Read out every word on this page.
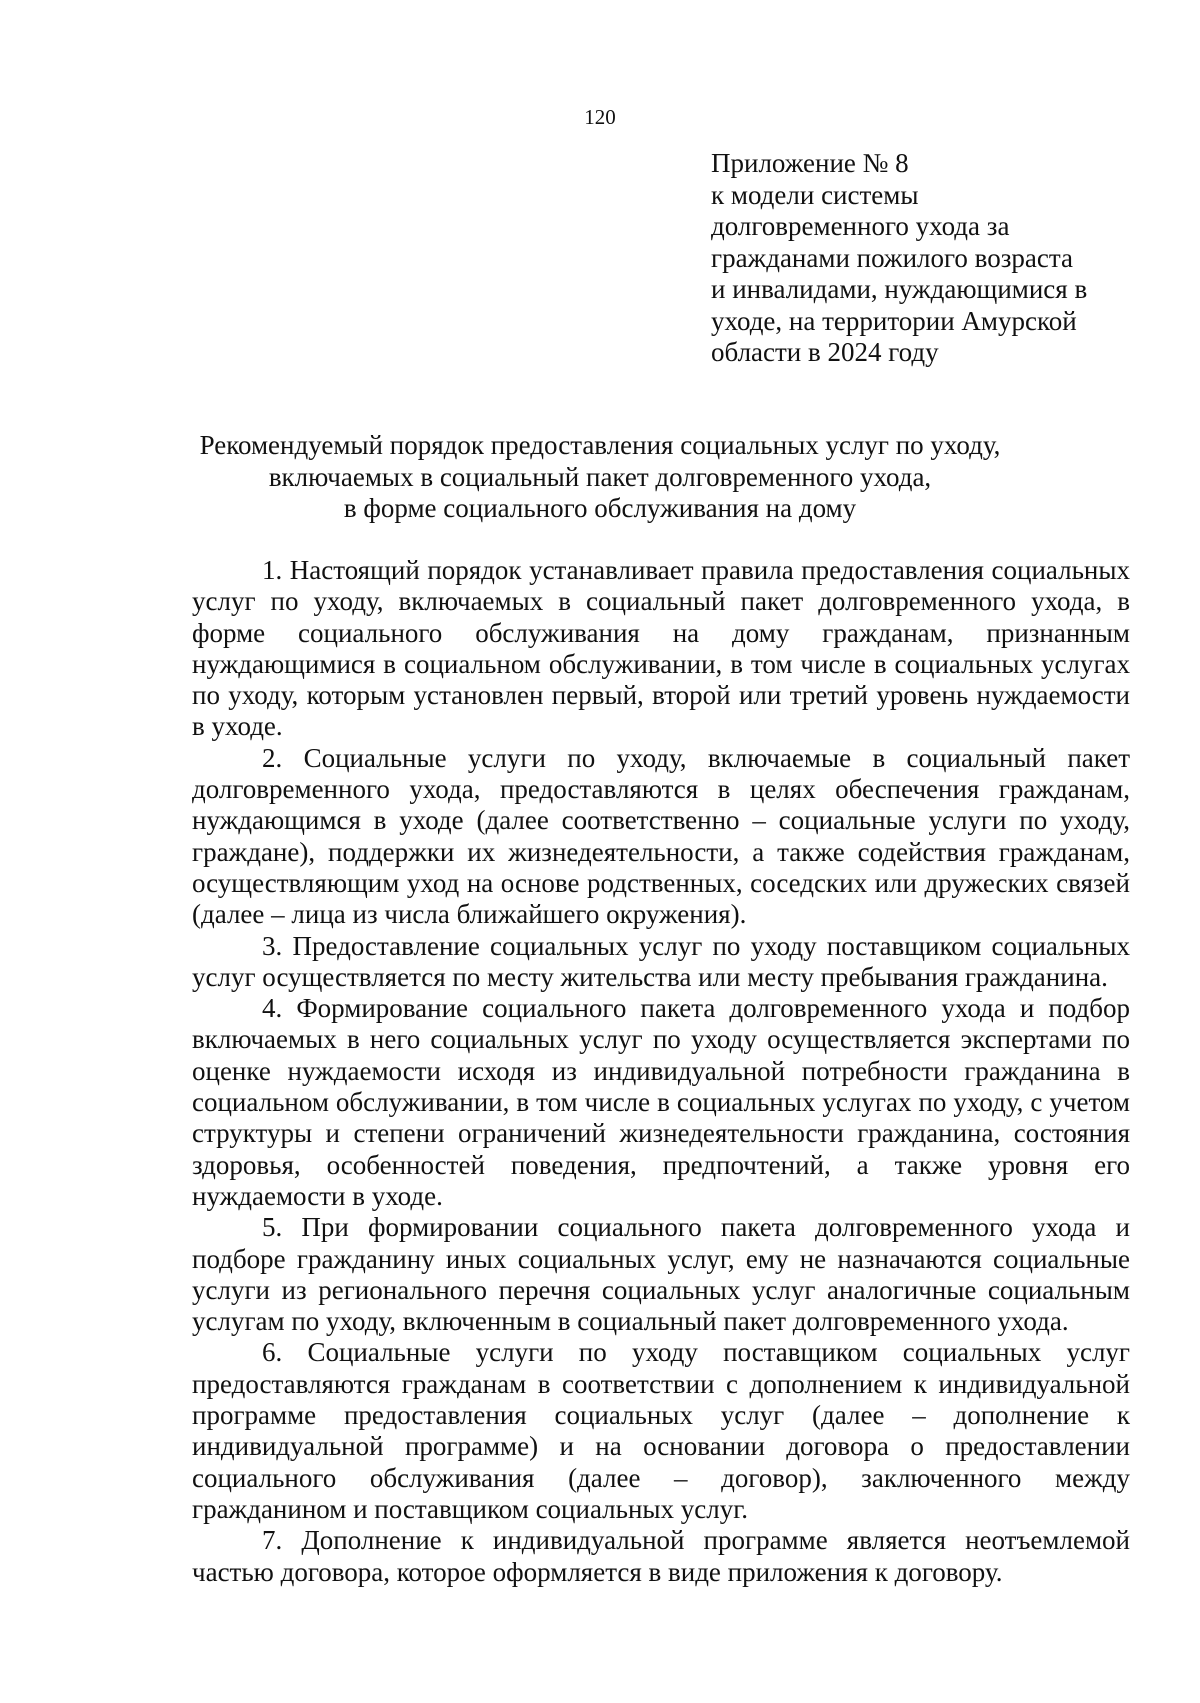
120
Приложение № 8
к модели системы
долговременного ухода за
гражданами пожилого возраста
и инвалидами, нуждающимися в
уходе, на территории Амурской
области в 2024 году
Рекомендуемый порядок предоставления социальных услуг по уходу,
включаемых в социальный пакет долговременного ухода,
в форме социального обслуживания на дому

1. Настоящий порядок устанавливает правила предоставления социальных услуг по уходу, включаемых в социальный пакет долговременного ухода, в форме социального обслуживания на дому гражданам, признанным нуждающимися в социальном обслуживании, в том числе в социальных услугах по уходу, которым установлен первый, второй или третий уровень нуждаемости в уходе.

2. Социальные услуги по уходу, включаемые в социальный пакет долговременного ухода, предоставляются в целях обеспечения гражданам, нуждающимся в уходе (далее соответственно – социальные услуги по уходу, граждане), поддержки их жизнедеятельности, а также содействия гражданам, осуществляющим уход на основе родственных, соседских или дружеских связей (далее – лица из числа ближайшего окружения).

3. Предоставление социальных услуг по уходу поставщиком социальных услуг осуществляется по месту жительства или месту пребывания гражданина.

4. Формирование социального пакета долговременного ухода и подбор включаемых в него социальных услуг по уходу осуществляется экспертами по оценке нуждаемости исходя из индивидуальной потребности гражданина в социальном обслуживании, в том числе в социальных услугах по уходу, с учетом структуры и степени ограничений жизнедеятельности гражданина, состояния здоровья, особенностей поведения, предпочтений, а также уровня его нуждаемости в уходе.

5. При формировании социального пакета долговременного ухода и подборе гражданину иных социальных услуг, ему не назначаются социальные услуги из регионального перечня социальных услуг аналогичные социальным услугам по уходу, включенным в социальный пакет долговременного ухода.

6. Социальные услуги по уходу поставщиком социальных услуг предоставляются гражданам в соответствии с дополнением к индивидуальной программе предоставления социальных услуг (далее – дополнение к индивидуальной программе) и на основании договора о предоставлении социального обслуживания (далее – договор), заключенного между гражданином и поставщиком социальных услуг.

7. Дополнение к индивидуальной программе является неотъемлемой частью договора, которое оформляется в виде приложения к договору.
